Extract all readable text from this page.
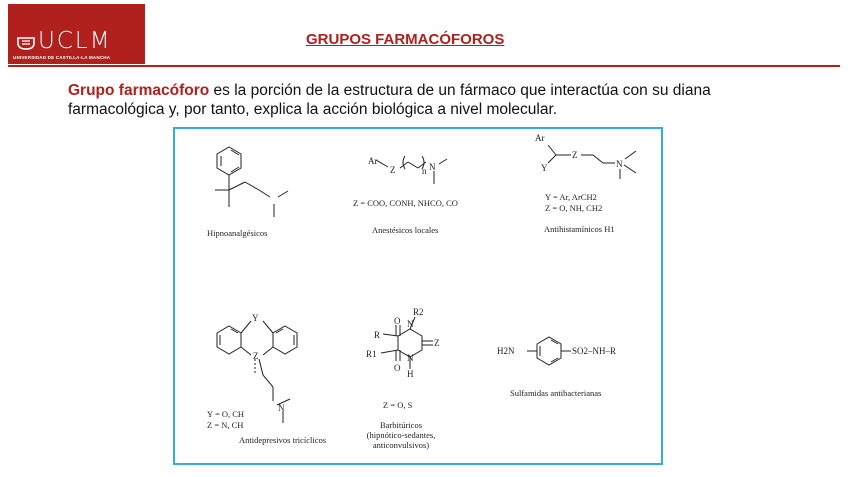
UCLM
UNIVERSIDAD DE CASTILLA-LA MANCHA
GRUPOS FARMACÓFOROS
Grupo farmacóforo es la porción de la estructura de un fármaco que interactúa con su diana farmacológica y, por tanto, explica la acción biológica a nivel molecular.
Ar
Z	n N
Ar
Y
Z
N
Y
Z
N
R2
O
R
R1
N
N
Z
O
H
H2N	SO2–NH–R
Hipnoanalgésicos
Z = COO, CONH, NHCO, CO
Anestésicos locales
Y = Ar, ArCH2
Z = O, NH, CH2
Antihistamínicos H1
Y = O, CH
Z = N, CH
Antidepresivos tricíclicos
Z = O, S
Barbitúricos
(hipnótico-sedantes,
anticonvulsivos)
Sulfamidas antibacterianas
